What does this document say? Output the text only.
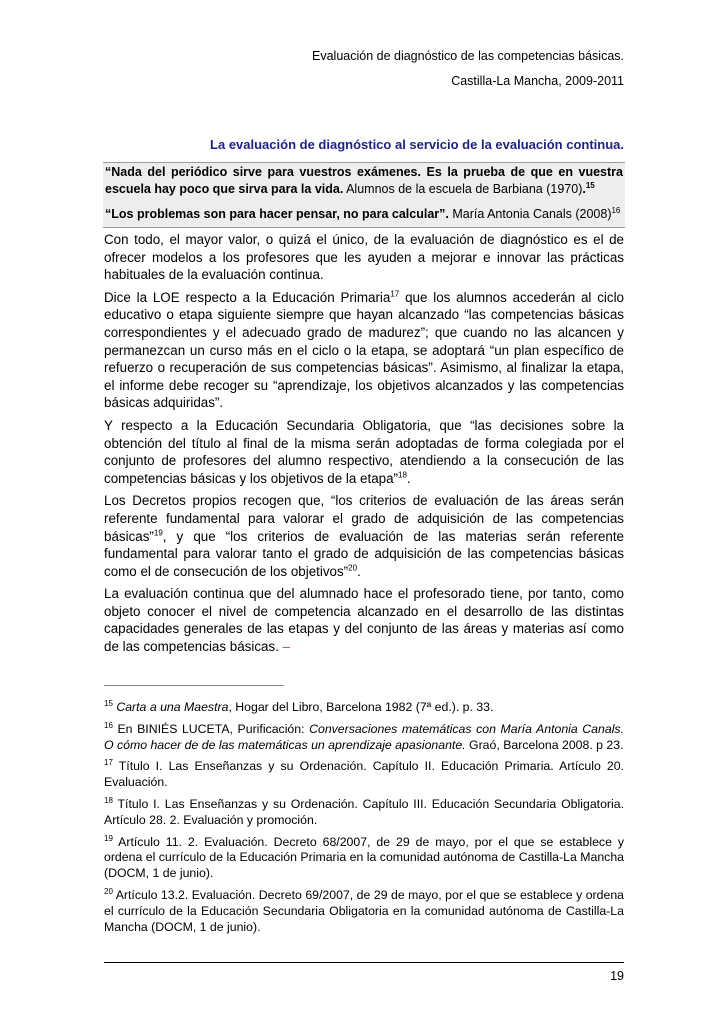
Evaluación de diagnóstico de las competencias básicas.
Castilla-La Mancha, 2009-2011
La evaluación de diagnóstico al servicio de la evaluación continua.
“Nada del periódico sirve para vuestros exámenes. Es la prueba de que en vuestra escuela hay poco que sirva para la vida. Alumnos de la escuela de Barbiana (1970).$^{15}$
“Los problemas son para hacer pensar, no para calcular”. María Antonia Canals $(2008)^{16}$

Con todo, el mayor valor, o quizá el único, de la evaluación de diagnóstico es el de ofrecer modelos a los profesores que les ayuden a mejorar e innovar las prácticas habituales de la evaluación continua.

Dice la LOE respecto a la Educación Primaria$^{17}$ que los alumnos accederán al ciclo educativo o etapa siguiente siempre que hayan alcanzado “las competencias básicas correspondientes y el adecuado grado de madurez”; que cuando no las alcancen y permanezcan un curso más en el ciclo o la etapa, se adoptará “un plan específico de refuerzo o recuperación de sus competencias básicas”. Asimismo, al finalizar la etapa, el informe debe recoger su “aprendizaje, los objetivos alcanzados y las competencias básicas adquiridas”.

Y respecto a la Educación Secundaria Obligatoria, que “las decisiones sobre la obtención del título al final de la misma serán adoptadas de forma colegiada por el conjunto de profesores del alumno respectivo, atendiendo a la consecución de las competencias básicas y los objetivos de la etapa”$^{18}$.

Los Decretos propios recogen que, “los criterios de evaluación de las áreas serán referente fundamental para valorar el grado de adquisición de las competencias básicas”$^{19}$, y que “los criterios de evaluación de las materias serán referente fundamental para valorar tanto el grado de adquisición de las competencias básicas como el de consecución de los objetivos”$^{20}$.

La evaluación continua que del alumnado hace el profesorado tiene, por tanto, como objeto conocer el nivel de competencia alcanzado en el desarrollo de las distintas capacidades generales de las etapas y del conjunto de las áreas y materias así como de las competencias básicas. –

$^{15}$ Carta a una Maestra, Hogar del Libro, Barcelona 1982 (7ª ed.). p. 33.

$^{16}$ En BINIÉS LUCETA, Purificación: Conversaciones matemáticas con María Antonia Canals. O cómo hacer de de las matemáticas un aprendizaje apasionante. Graó, Barcelona 2008. p 23.

$^{17}$ Título I. Las Enseñanzas y su Ordenación. Capítulo II. Educación Primaria. Artículo 20. Evaluación.

$^{18}$ Título I. Las Enseñanzas y su Ordenación. Capítulo III. Educación Secundaria Obligatoria. Artículo 28. 2. Evaluación y promoción.

$^{19}$ Artículo 11. 2. Evaluación. Decreto 68/2007, de 29 de mayo, por el que se establece y ordena el currículo de la Educación Primaria en la comunidad autónoma de Castilla-La Mancha (DOCM, 1 de junio).

$^{20}$ Artículo 13.2. Evaluación. Decreto 69/2007, de 29 de mayo, por el que se establece y ordena el currículo de la Educación Secundaria Obligatoria en la comunidad autónoma de Castilla-La Mancha (DOCM, 1 de junio).

19
